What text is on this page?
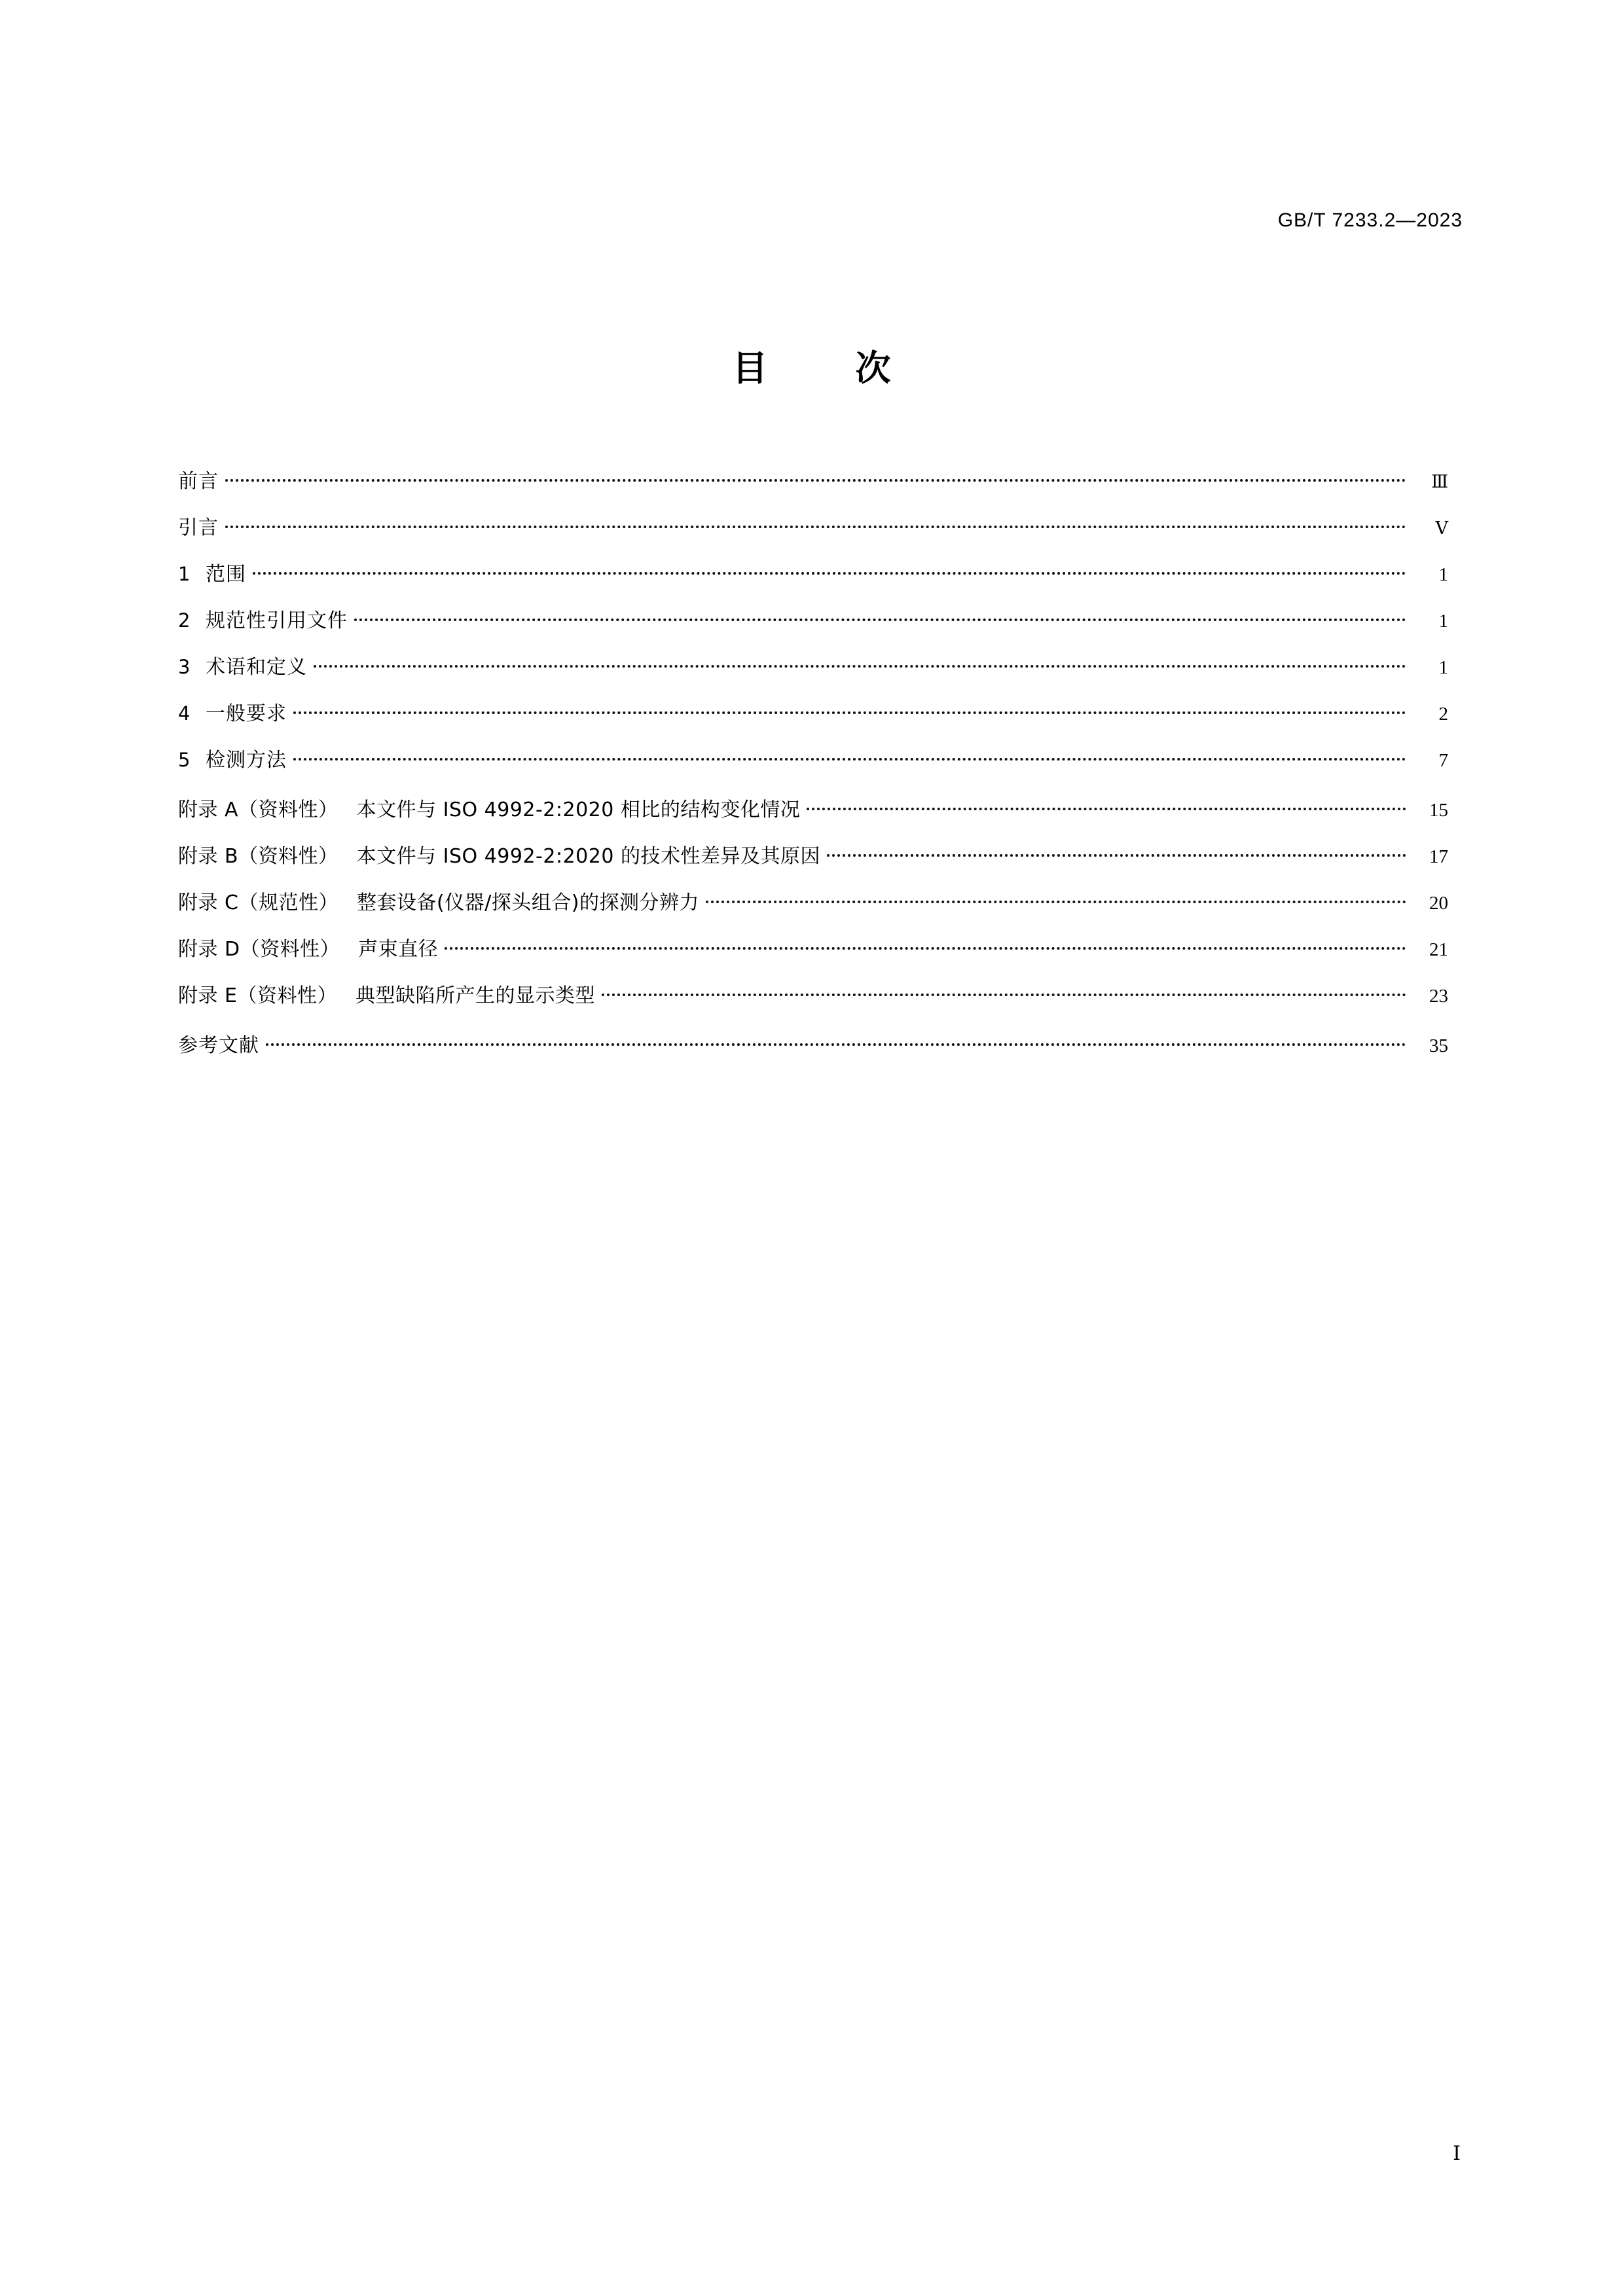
GB/T 7233.2—2023
目　次
前言	Ⅲ
引言	V
1 范围	1
2 规范性引用文件	1
3 术语和定义	1
4 一般要求	2
5 检测方法	7
附录 A（资料性） 本文件与 ISO 4992-2:2020 相比的结构变化情况	15
附录 B（资料性） 本文件与 ISO 4992-2:2020 的技术性差异及其原因	17
附录 C（规范性） 整套设备(仪器/探头组合)的探测分辨力	20
附录 D（资料性） 声束直径	21
附录 E（资料性） 典型缺陷所产生的显示类型	23
参考文献	35
I
